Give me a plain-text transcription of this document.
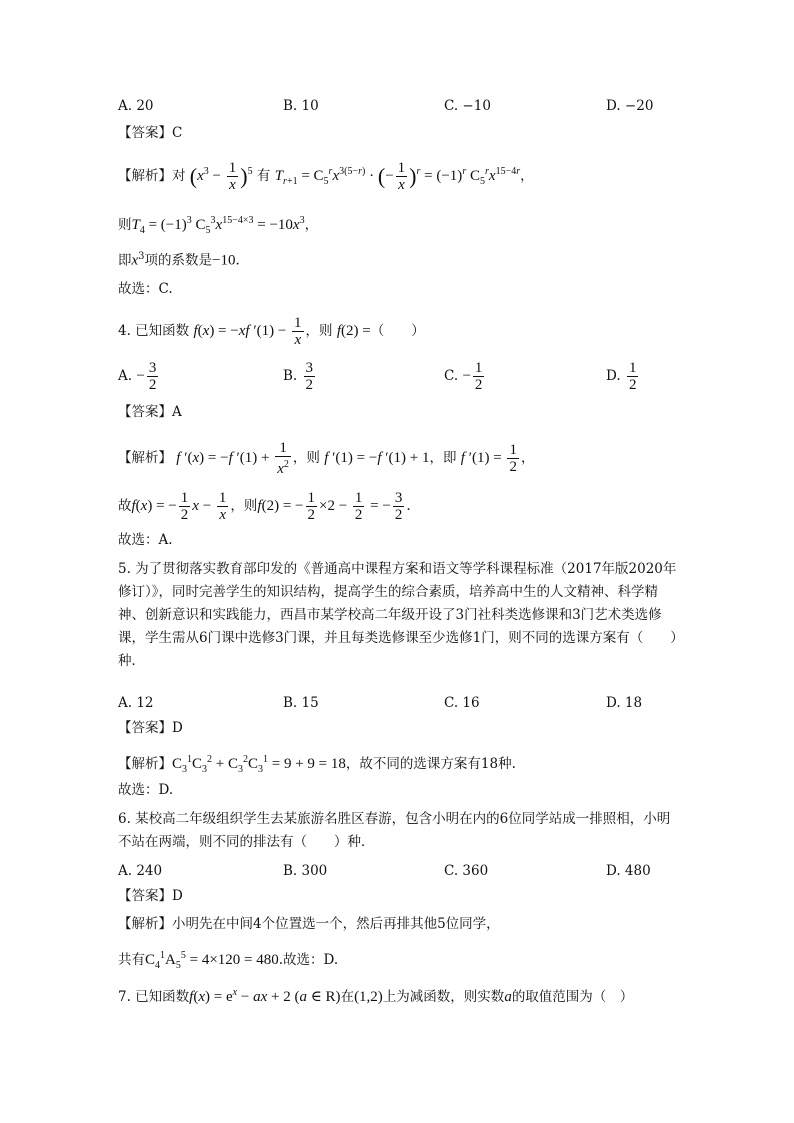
A. 20	B. 10	C. −10	D. −20
【答案】C
【解析】对 $(x^3 - \frac{1}{x} )^5$ 有 $T_{r+1} = C_5^rx^{3(5-r)}$ · (− $\frac{1}{x} )^r = (-1)^r$ $C_5^rx^{15-4r}$，
则$T_4 = (-1)^3$ $C_5^3x^{15-4\times 3} = -10x^3$，
即$x^3$项的系数是−10.
故选：C.
4. 已知函数 f(x) = −xf $'(1) - \frac{1}{x}$ ，则 f(2) =（　　）
A. − $\frac{3}{2}$	B. $\frac{3}{2}$	C. − $\frac{1}{2}$	D. $\frac{1}{2}$
【答案】A
【解析】 f ′(x) = −f $'(1) + \frac{1}{x^2}$ ，则 f ′(1) = −f ′(1) + 1，即 f $'(1) = \frac{1}{2}$ ，
故f(x) = − $\frac{1}{2}$ $x - \frac{1}{x}$ ，则f(2) = − $\frac{1}{2} \times 2 - \frac{1}{2}$ = − $\frac{3}{2}$ .
故选：A.
5. 为了贯彻落实教育部印发的《普通高中课程方案和语文等学科课程标准（2017年版2020年修订）》，同时完善学生的知识结构，提高学生的综合素质，培养高中生的人文精神、科学精神、创新意识和实践能力，西昌市某学校高二年级开设了3门社科类选修课和3门艺术类选修课，学生需从6门课中选修3门课，并且每类选修课至少选修1门，则不同的选课方案有（　　）种．
A. 12	B. 15	C. 16	D. 18
【答案】D
【解析】$C_3^1C_3^2 + C_3^2C_3^1 = 9 + 9 = 18$，故不同的选课方案有18种.
故选：D.
6. 某校高二年级组织学生去某旅游名胜区春游，包含小明在内的6位同学站成一排照相，小明不站在两端，则不同的排法有（　　）种．
A. 240	B. 300	C. 360	D. 480
【答案】D
【解析】小明先在中间4个位置选一个，然后再排其他5位同学，
共有$C_4^1A_5^5 = 4\times 120 = 480$.故选：D.
7. 已知函数$f(x) = e^x$ − ax + 2 (a ∈ R)在(1,2)上为减函数，则实数a的取值范围为（　）
